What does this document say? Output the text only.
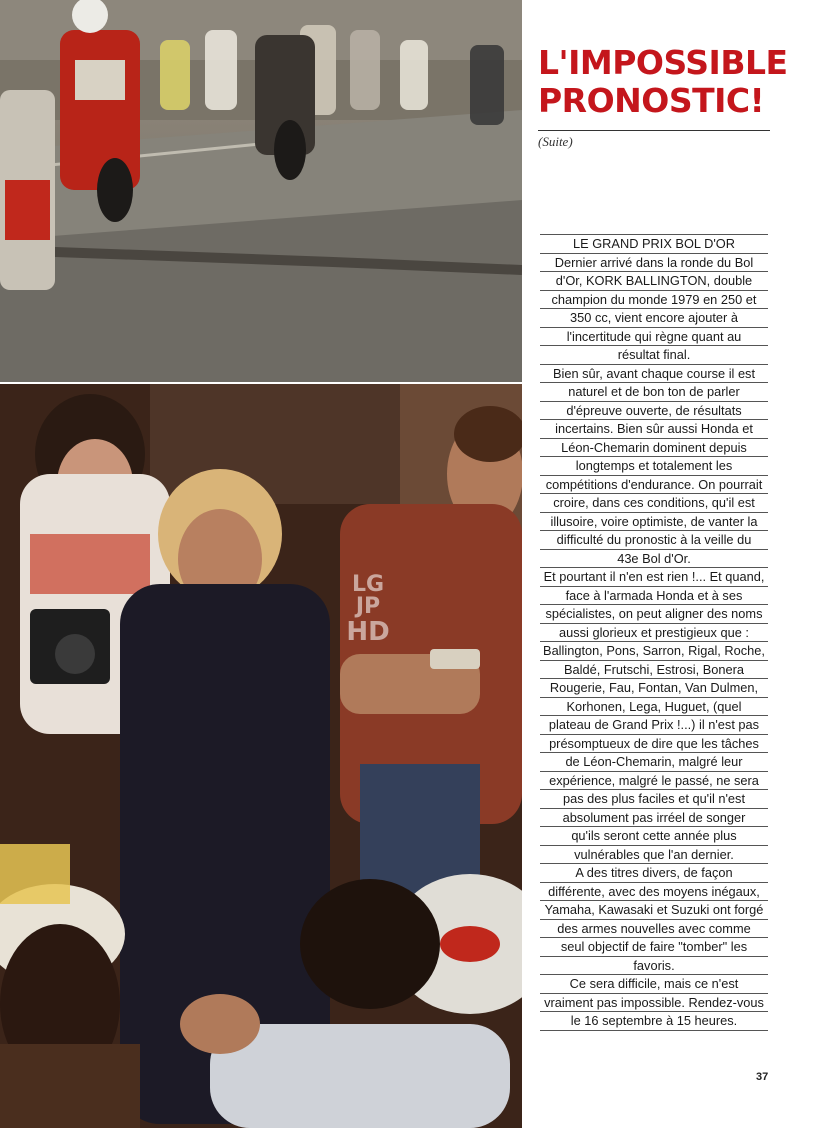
LG
JP
HD
L'IMPOSSIBLE
PRONOSTIC!
(Suite)
LE GRAND PRIX BOL D'OR
Dernier arrivé dans la ronde du Bol
d'Or, KORK BALLINGTON, double
champion du monde 1979 en 250 et
350 cc, vient encore ajouter à
l'incertitude qui règne quant au
résultat final.
Bien sûr, avant chaque course il est
naturel et de bon ton de parler
d'épreuve ouverte, de résultats
incertains. Bien sûr aussi Honda et
Léon-Chemarin dominent depuis
longtemps et totalement les
compétitions d'endurance. On pourrait
croire, dans ces conditions, qu'il est
illusoire, voire optimiste, de vanter la
difficulté du pronostic à la veille du
43e Bol d'Or.
Et pourtant il n'en est rien !... Et quand,
face à l'armada Honda et à ses
spécialistes, on peut aligner des noms
aussi glorieux et prestigieux que :
Ballington, Pons, Sarron, Rigal, Roche,
Baldé, Frutschi, Estrosi, Bonera
Rougerie, Fau, Fontan, Van Dulmen,
Korhonen, Lega, Huguet, (quel
plateau de Grand Prix !...) il n'est pas
présomptueux de dire que les tâches
de Léon-Chemarin, malgré leur
expérience, malgré le passé, ne sera
pas des plus faciles et qu'il n'est
absolument pas irréel de songer
qu'ils seront cette année plus
vulnérables que l'an dernier.
A des titres divers, de façon
différente, avec des moyens inégaux,
Yamaha, Kawasaki et Suzuki ont forgé
des armes nouvelles avec comme
seul objectif de faire "tomber" les
favoris.
Ce sera difficile, mais ce n'est
vraiment pas impossible. Rendez-vous
le 16 septembre à 15 heures.
37
